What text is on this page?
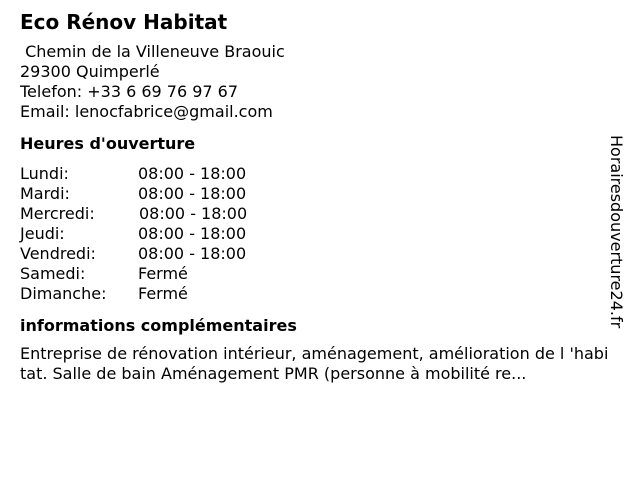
Eco Rénov Habitat
Chemin de la Villeneuve Braouic
29300 Quimperlé
Telefon: +33 6 69 76 97 67
Email: lenocfabrice@gmail.com
Heures d'ouverture
Lundi:	08:00 - 18:00
Mardi:	08:00 - 18:00
Mercredi:	08:00 - 18:00
Jeudi:	08:00 - 18:00
Vendredi:	08:00 - 18:00
Samedi:	Fermé
Dimanche:	Fermé
informations complémentaires
Entreprise de rénovation intérieur, aménagement, amélioration de l 'habitat. Salle de bain Aménagement PMR (personne à mobilité re...
Horairesdouverture24.fr
